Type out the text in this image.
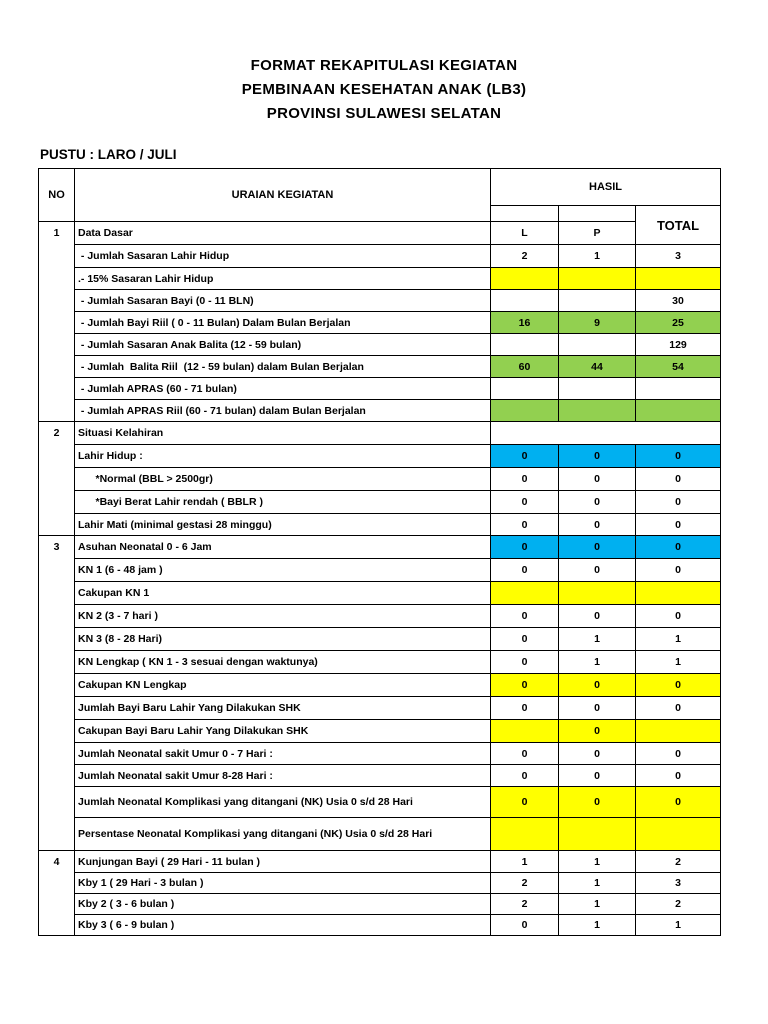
FORMAT REKAPITULASI KEGIATAN
PEMBINAAN KESEHATAN ANAK (LB3)
PROVINSI SULAWESI SELATAN
PUSTU : LARO / JULI
NO	URAIAN KEGIATAN	HASIL		
				TOTAL
1	Data Dasar	L	P	
	- Jumlah Sasaran Lahir Hidup	2	1	3
	.- 15% Sasaran Lahir Hidup			
	- Jumlah Sasaran Bayi (0 - 11 BLN)			30
	- Jumlah Bayi Riil ( 0 - 11 Bulan) Dalam Bulan Berjalan	16	9	25
	- Jumlah Sasaran Anak Balita (12 - 59 bulan)			129
	- Jumlah  Balita Riil  (12 - 59 bulan) dalam Bulan Berjalan	60	44	54
	- Jumlah APRAS (60 - 71 bulan)			
	- Jumlah APRAS Riil (60 - 71 bulan) dalam Bulan Berjalan			
2	Situasi Kelahiran			
	Lahir Hidup :	0	0	0
	*Normal (BBL > 2500gr)	0	0	0
	*Bayi Berat Lahir rendah ( BBLR )	0	0	0
	Lahir Mati (minimal gestasi 28 minggu)	0	0	0
3	Asuhan Neonatal 0 - 6 Jam	0	0	0
	KN 1 (6 - 48 jam )	0	0	0
	Cakupan KN 1			
	KN 2 (3 - 7 hari )	0	0	0
	KN 3 (8 - 28 Hari)	0	1	1
	KN Lengkap ( KN 1 - 3 sesuai dengan waktunya)	0	1	1
	Cakupan KN Lengkap	0	0	0
	Jumlah Bayi Baru Lahir Yang Dilakukan SHK	0	0	0
	Cakupan Bayi Baru Lahir Yang Dilakukan SHK		0	
	Jumlah Neonatal sakit Umur 0 - 7 Hari :	0	0	0
	Jumlah Neonatal sakit Umur 8-28 Hari :	0	0	0
	Jumlah Neonatal Komplikasi yang ditangani (NK) Usia 0 s/d 28 Hari	0	0	0
	Persentase Neonatal Komplikasi yang ditangani (NK) Usia 0 s/d 28 Hari			
4	Kunjungan Bayi ( 29 Hari - 11 bulan )	1	1	2
	Kby 1 ( 29 Hari - 3 bulan )	2	1	3
	Kby 2 ( 3 - 6 bulan )	2	1	2
	Kby 3 ( 6 - 9 bulan )	0	1	1
